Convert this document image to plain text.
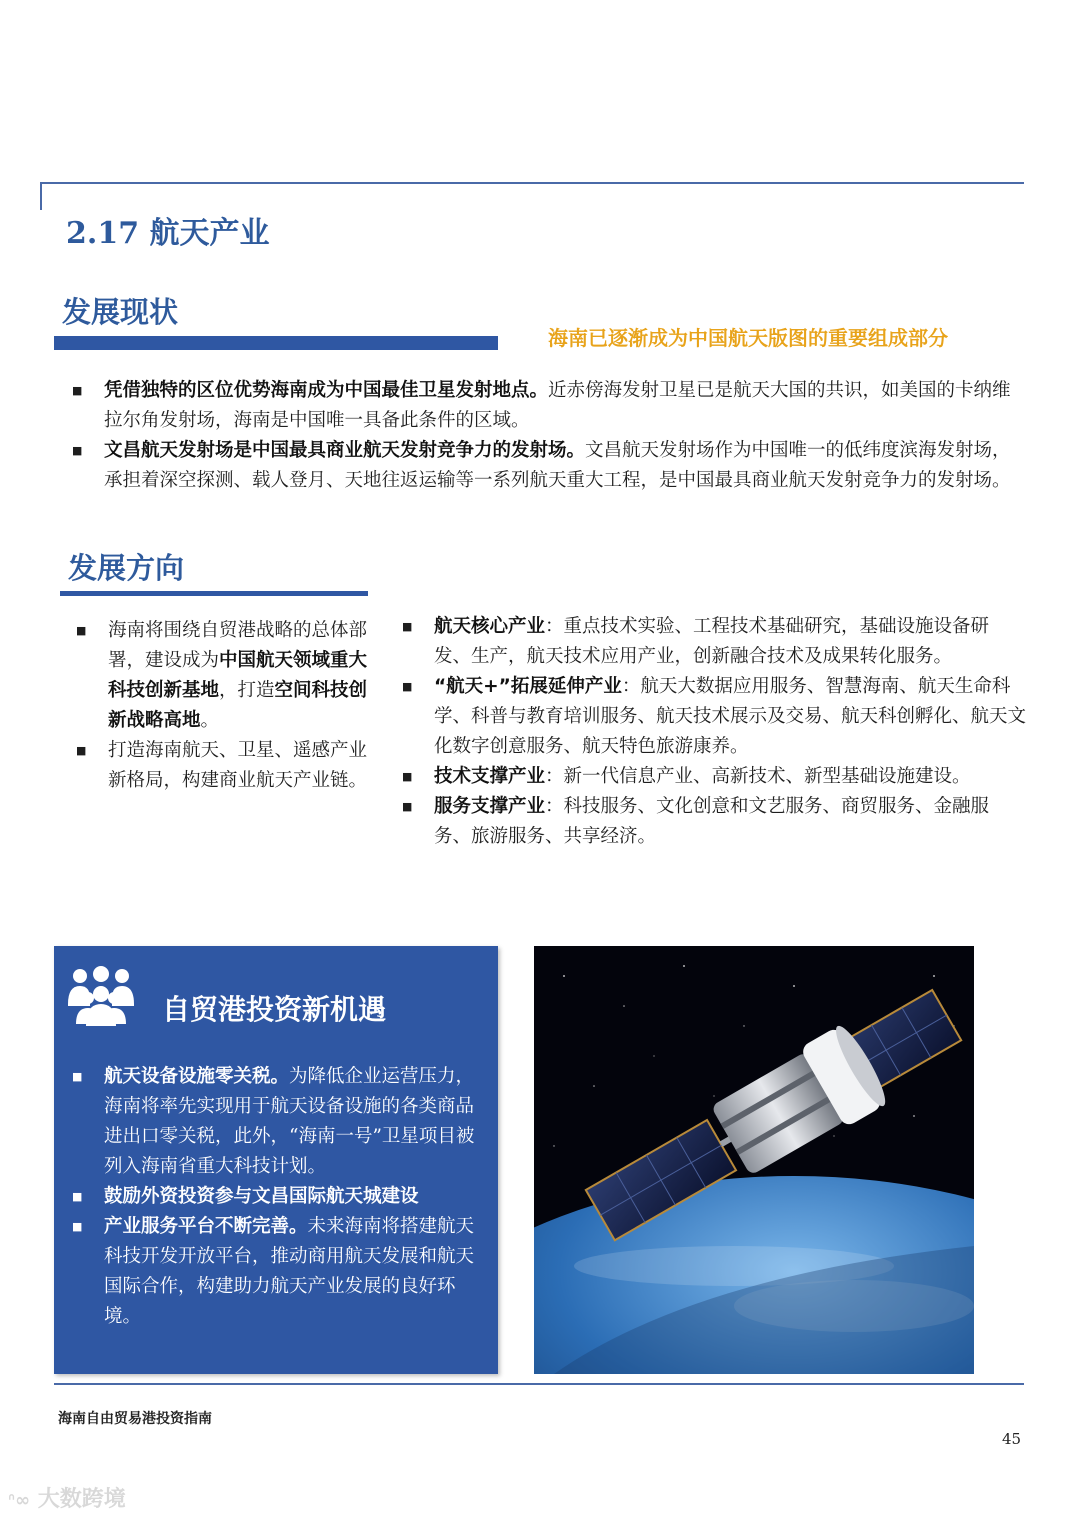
2.17 航天产业
发展现状
海南已逐渐成为中国航天版图的重要组成部分
■ 凭借独特的区位优势海南成为中国最佳卫星发射地点。近赤傍海发射卫星已是航天大国的共识，如美国的卡纳维拉尔角发射场，海南是中国唯一具备此条件的区域。
■ 文昌航天发射场是中国最具商业航天发射竞争力的发射场。文昌航天发射场作为中国唯一的低纬度滨海发射场，承担着深空探测、载人登月、天地往返运输等一系列航天重大工程，是中国最具商业航天发射竞争力的发射场。
发展方向
■ 海南将围绕自贸港战略的总体部署，建设成为中国航天领域重大科技创新基地，打造空间科技创新战略高地。
■ 打造海南航天、卫星、遥感产业新格局，构建商业航天产业链。
■ 航天核心产业：重点技术实验、工程技术基础研究，基础设施设备研发、生产，航天技术应用产业，创新融合技术及成果转化服务。
■ “航天+”拓展延伸产业：航天大数据应用服务、智慧海南、航天生命科学、科普与教育培训服务、航天技术展示及交易、航天科创孵化、航天文化数字创意服务、航天特色旅游康养。
■ 技术支撑产业：新一代信息产业、高新技术、新型基础设施建设。
■ 服务支撑产业：科技服务、文化创意和文艺服务、商贸服务、金融服务、旅游服务、共享经济。
自贸港投资新机遇
■ 航天设备设施零关税。为降低企业运营压力，海南将率先实现用于航天设备设施的各类商品进出口零关税，此外，“海南一号”卫星项目被列入海南省重大科技计划。
■ 鼓励外资投资参与文昌国际航天城建设
■ 产业服务平台不断完善。未来海南将搭建航天科技开发开放平台，推动商用航天发展和航天国际合作，构建助力航天产业发展的良好环境。
海南自由贸易港投资指南
45
ᐢ∞ 大数跨境
